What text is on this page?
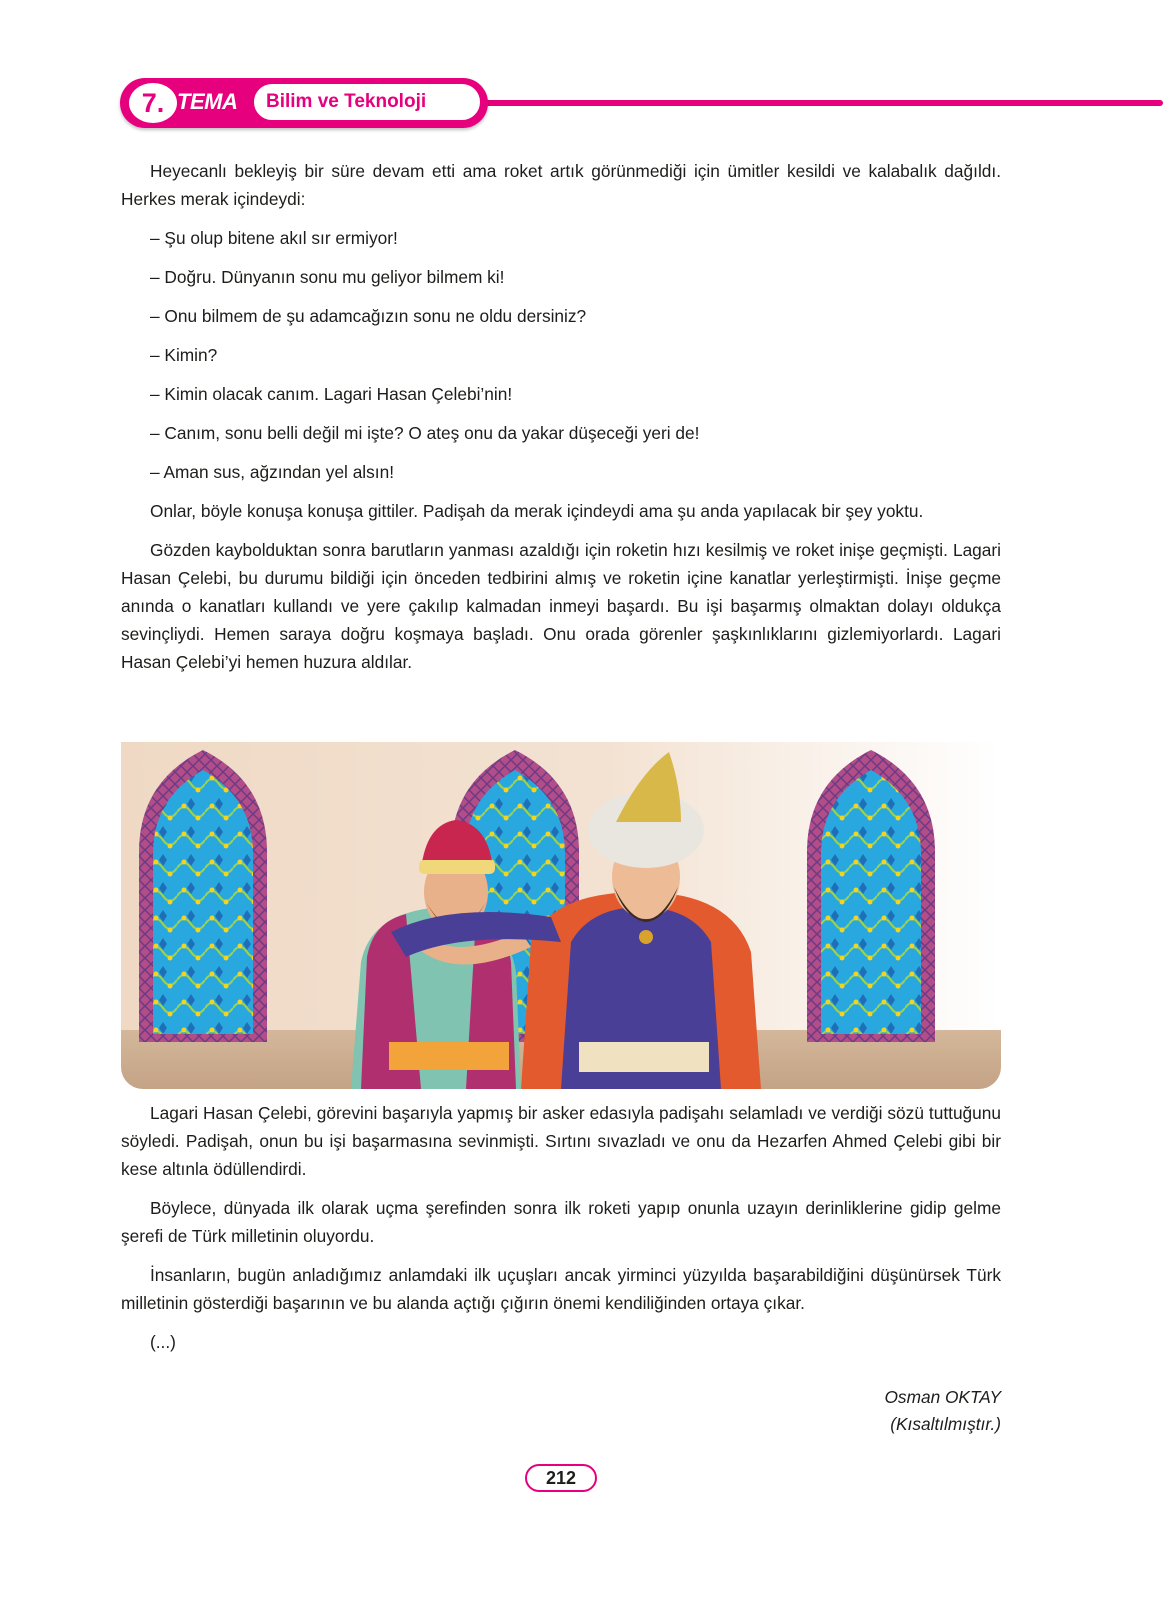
7. TEMA Bilim ve Teknoloji

Heyecanlı bekleyiş bir süre devam etti ama roket artık görünmediği için ümitler kesildi ve kalabalık dağıldı. Herkes merak içindeydi:

– Şu olup bitene akıl sır ermiyor!

– Doğru. Dünyanın sonu mu geliyor bilmem ki!

– Onu bilmem de şu adamcağızın sonu ne oldu dersiniz?

– Kimin?

– Kimin olacak canım. Lagari Hasan Çelebi’nin!

– Canım, sonu belli değil mi işte? O ateş onu da yakar düşeceği yeri de!

– Aman sus, ağzından yel alsın!

Onlar, böyle konuşa konuşa gittiler. Padişah da merak içindeydi ama şu anda yapılacak bir şey yoktu.

Gözden kaybolduktan sonra barutların yanması azaldığı için roketin hızı kesilmiş ve roket inişe geçmişti. Lagari Hasan Çelebi, bu durumu bildiği için önceden tedbirini almış ve roketin içine kanatlar yerleştirmişti. İnişe geçme anında o kanatları kullandı ve yere çakılıp kalmadan inmeyi başardı. Bu işi başarmış olmaktan dolayı oldukça sevinçliydi. Hemen saraya doğru koşmaya başladı. Onu orada görenler şaşkınlıklarını gizlemiyorlardı. Lagari Hasan Çelebi’yi hemen huzura aldılar.

Lagari Hasan Çelebi, görevini başarıyla yapmış bir asker edasıyla padişahı selamladı ve verdiği sözü tuttuğunu söyledi. Padişah, onun bu işi başarmasına sevinmişti. Sırtını sıvazladı ve onu da Hezarfen Ahmed Çelebi gibi bir kese altınla ödüllendirdi.

Böylece, dünyada ilk olarak uçma şerefinden sonra ilk roketi yapıp onunla uzayın derinliklerine gidip gelme şerefi de Türk milletinin oluyordu.

İnsanların, bugün anladığımız anlamdaki ilk uçuşları ancak yirminci yüzyılda başarabildiğini düşünürsek Türk milletinin gösterdiği başarının ve bu alanda açtığı çığırın önemi kendiliğinden ortaya çıkar.

(...)

Osman OKTAY
(Kısaltılmıştır.)
212
